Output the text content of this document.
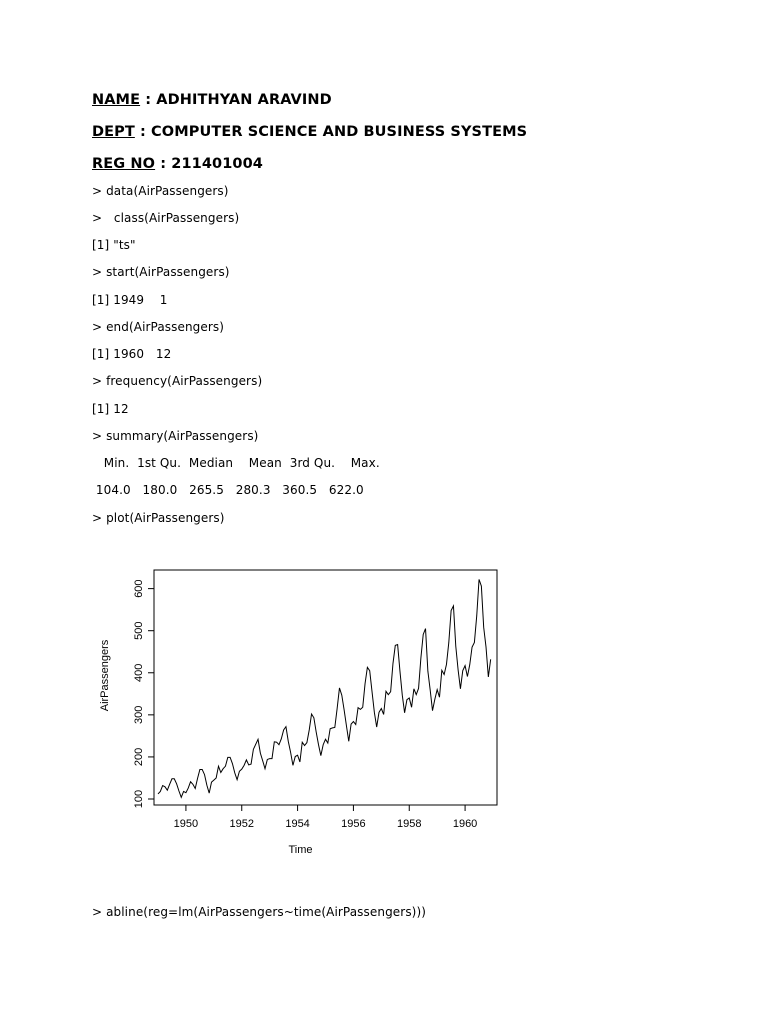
NAME : ADHITHYAN ARAVIND
DEPT : COMPUTER SCIENCE AND BUSINESS SYSTEMS
REG NO : 211401004
> data(AirPassengers)
>   class(AirPassengers)
[1] "ts"
> start(AirPassengers)
[1] 1949    1
> end(AirPassengers)
[1] 1960   12
> frequency(AirPassengers)
[1] 12
> summary(AirPassengers)
Min.  1st Qu.  Median    Mean  3rd Qu.    Max.
104.0   180.0   265.5   280.3   360.5   622.0
> plot(AirPassengers)
1950	1952	1954	1956	1958	1960
100
200
300
400
500
600
Time
AirPassengers
> abline(reg=lm(AirPassengers~time(AirPassengers)))
